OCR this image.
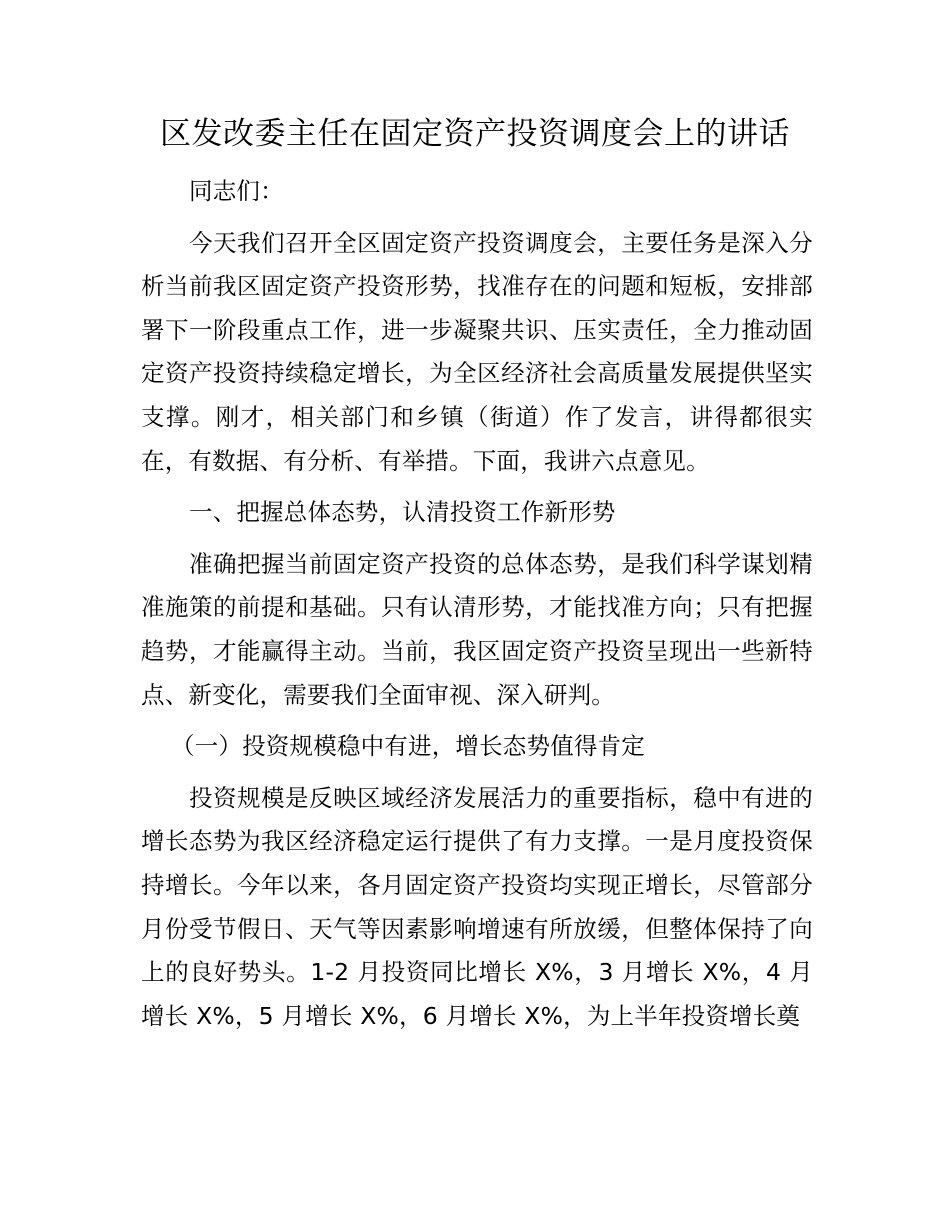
区发改委主任在固定资产投资调度会上的讲话

同志们：

今天我们召开全区固定资产投资调度会，主要任务是深入分析当前我区固定资产投资形势，找准存在的问题和短板，安排部署下一阶段重点工作，进一步凝聚共识、压实责任，全力推动固定资产投资持续稳定增长，为全区经济社会高质量发展提供坚实支撑。刚才，相关部门和乡镇（街道）作了发言，讲得都很实在，有数据、有分析、有举措。下面，我讲六点意见。

一、把握总体态势，认清投资工作新形势

准确把握当前固定资产投资的总体态势，是我们科学谋划精准施策的前提和基础。只有认清形势，才能找准方向；只有把握趋势，才能赢得主动。当前，我区固定资产投资呈现出一些新特点、新变化，需要我们全面审视、深入研判。

（一）投资规模稳中有进，增长态势值得肯定

投资规模是反映区域经济发展活力的重要指标，稳中有进的增长态势为我区经济稳定运行提供了有力支撑。一是月度投资保持增长。今年以来，各月固定资产投资均实现正增长，尽管部分月份受节假日、天气等因素影响增速有所放缓，但整体保持了向上的良好势头。1-2 月投资同比增长 X%，3 月增长 X%，4 月增长 X%，5 月增长 X%，6 月增长 X%，为上半年投资增长奠
